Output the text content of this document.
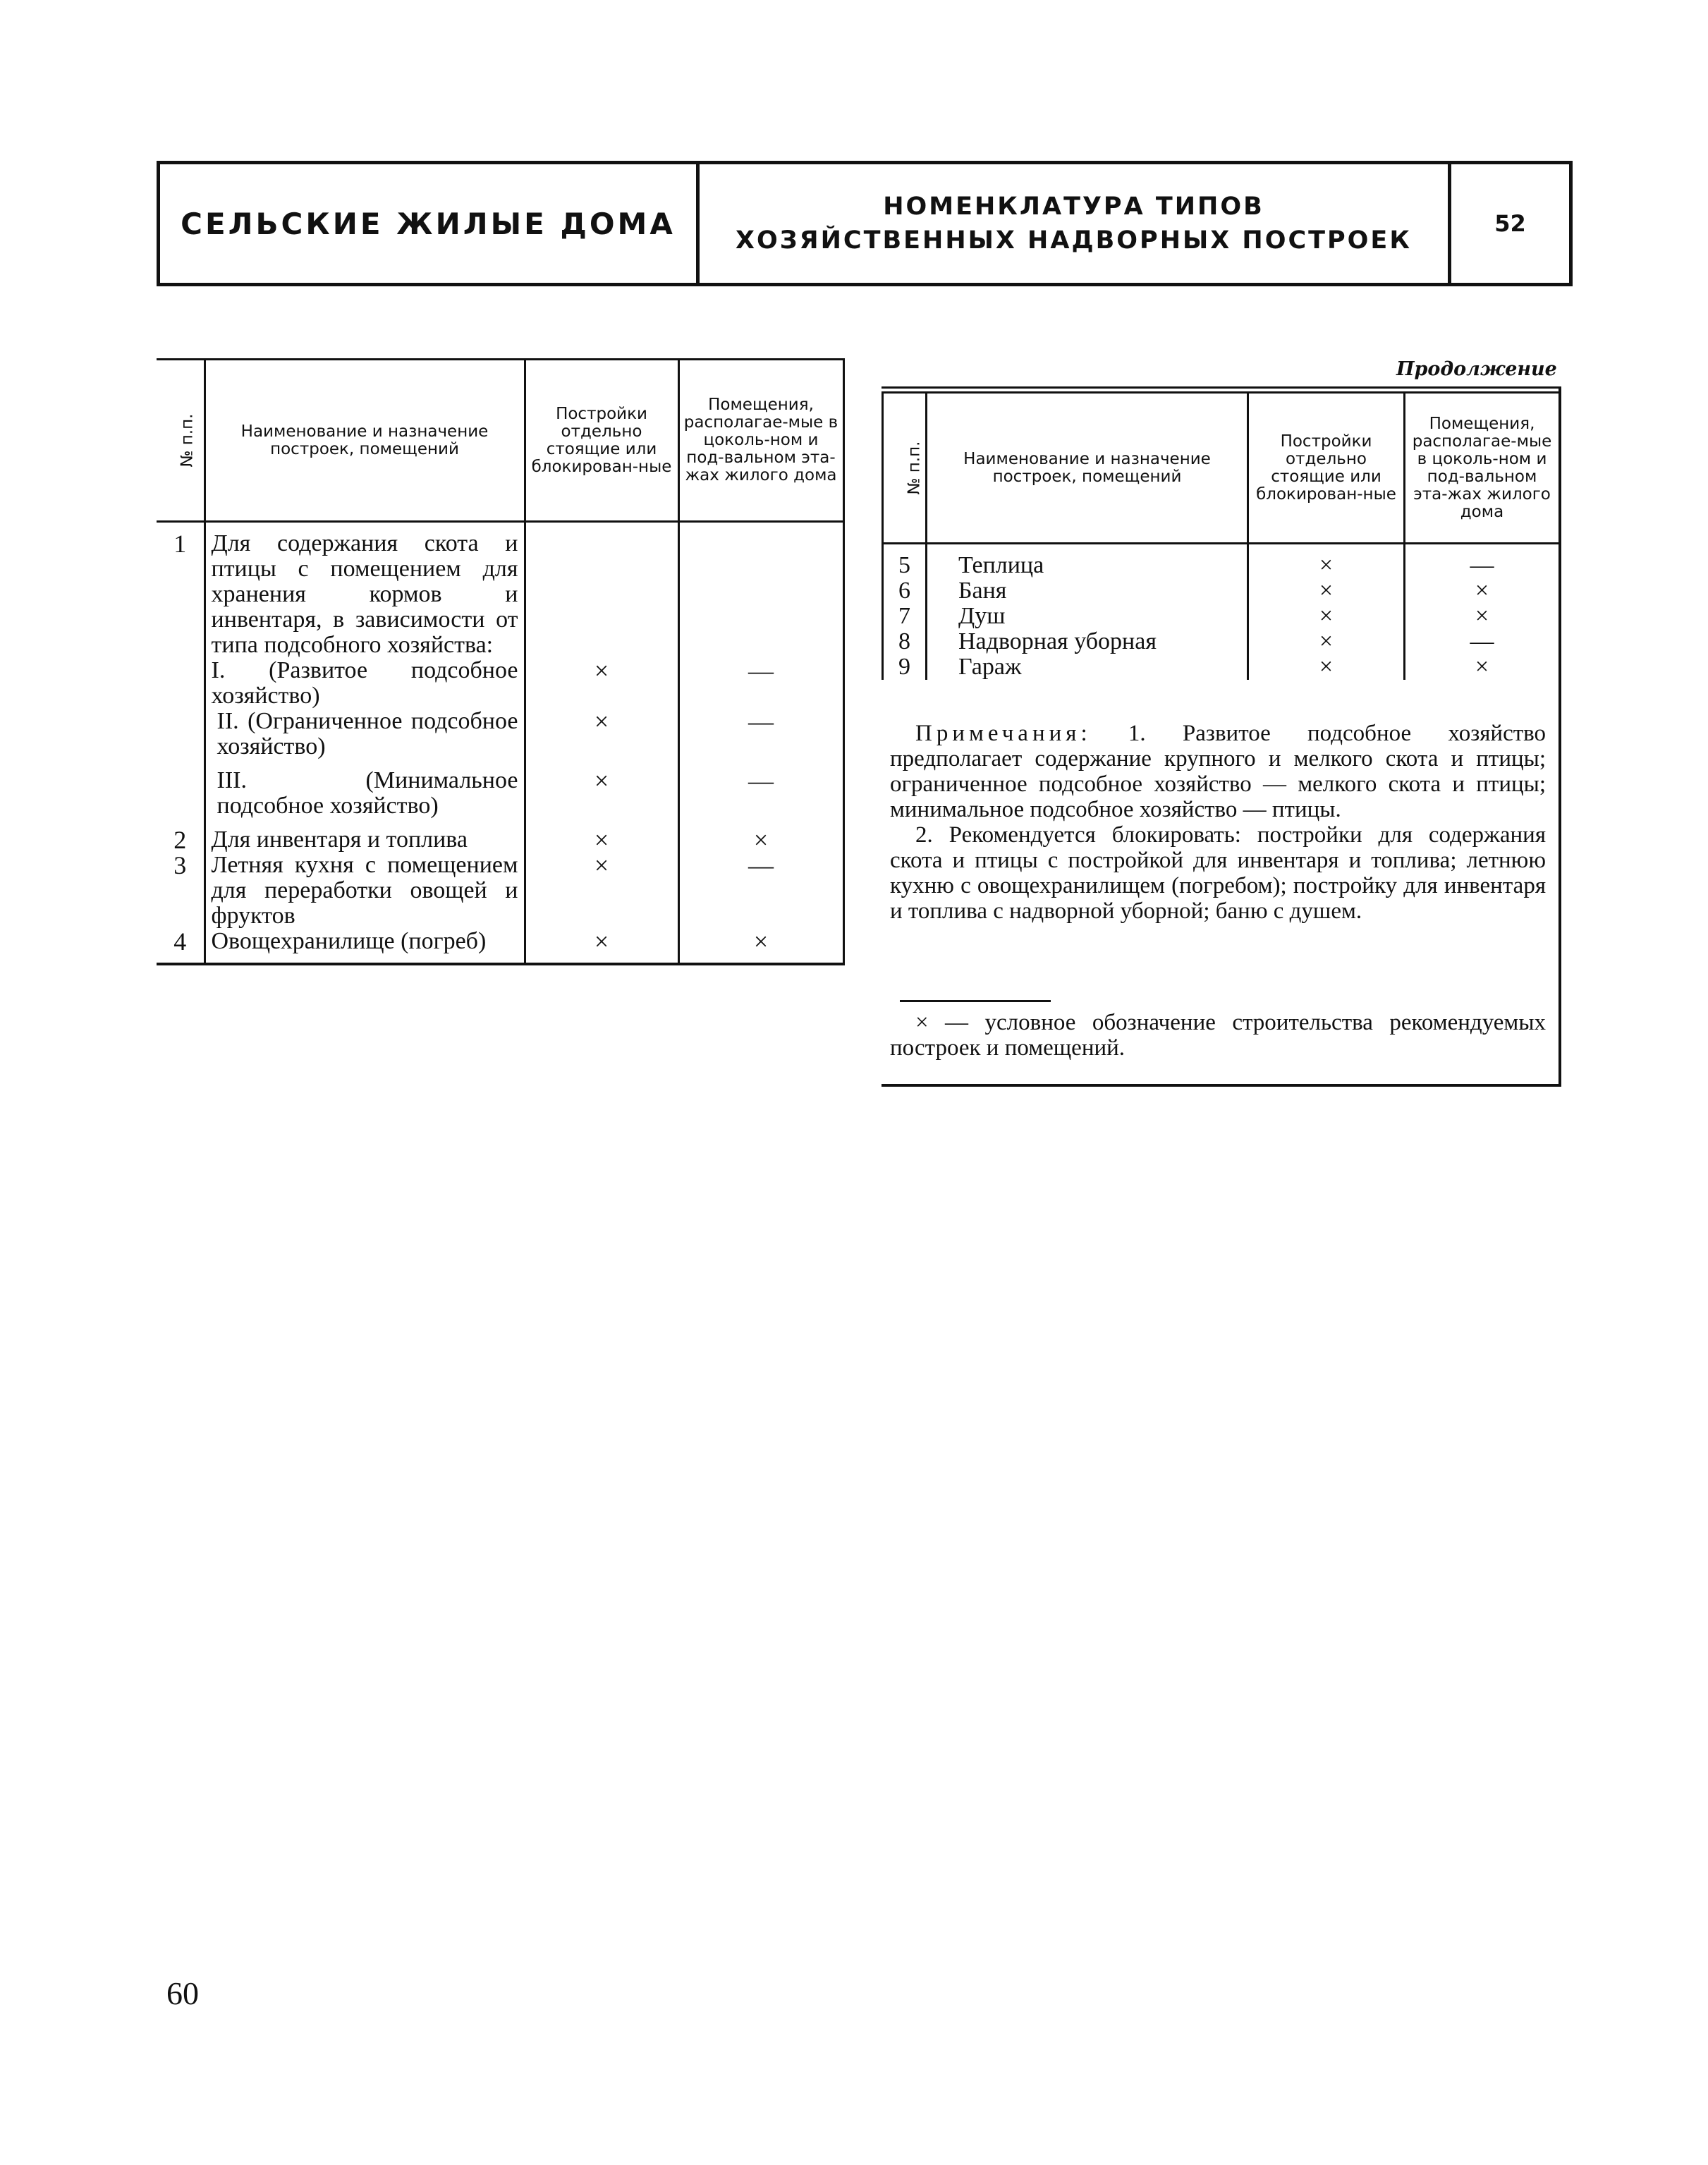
СЕЛЬСКИЕ ЖИЛЫЕ ДОМА	НОМЕНКЛАТУРА ТИПОВ
ХОЗЯЙСТВЕННЫХ НАДВОРНЫХ ПОСТРОЕК
52
№ п.п.	Наименование и назначение построек, помещений	Постройки отдельно стоящие или блокирован-ные	Помещения, располагае-мые в цоколь-ном и под-вальном эта-жах жилого дома

1	Для содержания скота и птицы с помещением для хранения кормов и инвентаря, в зависимости от типа подсобного хозяйства:		
	I. (Развитое подсобное хозяйство)	×	—
	II. (Ограниченное подсобное хозяйство)	×	—

	III. (Минимальное подсобное хозяйство)	×	—

2	Для инвентаря и топлива	×	×
3	Летняя кухня с помещением для переработки овощей и фруктов	×	—
4	Овощехранилище (погреб)	×	×

Продолжение
№ п.п.	Наименование и назначение построек, помещений	Постройки отдельно стоящие или блокирован-ные	Помещения, располагае-мые в цоколь-ном и под-вальном эта-жах жилого дома

5	Теплица	×	—
6	Баня	×	×
7	Душ	×	×
8	Надворная уборная	×	—
9	Гараж	×	×

Примечания: 1. Развитое подсобное хозяйство предполагает содержание крупного и мелкого скота и птицы; ограниченное подсобное хозяйство — мелкого скота и птицы; минимальное подсобное хозяйство — птицы.

2. Рекомендуется блокировать: постройки для содержания скота и птицы с постройкой для инвентаря и топлива; летнюю кухню с овощехранилищем (погребом); постройку для инвентаря и топлива с надворной уборной; баню с душем.

× — условное обозначение строительства рекомендуемых построек и помещений.
60
